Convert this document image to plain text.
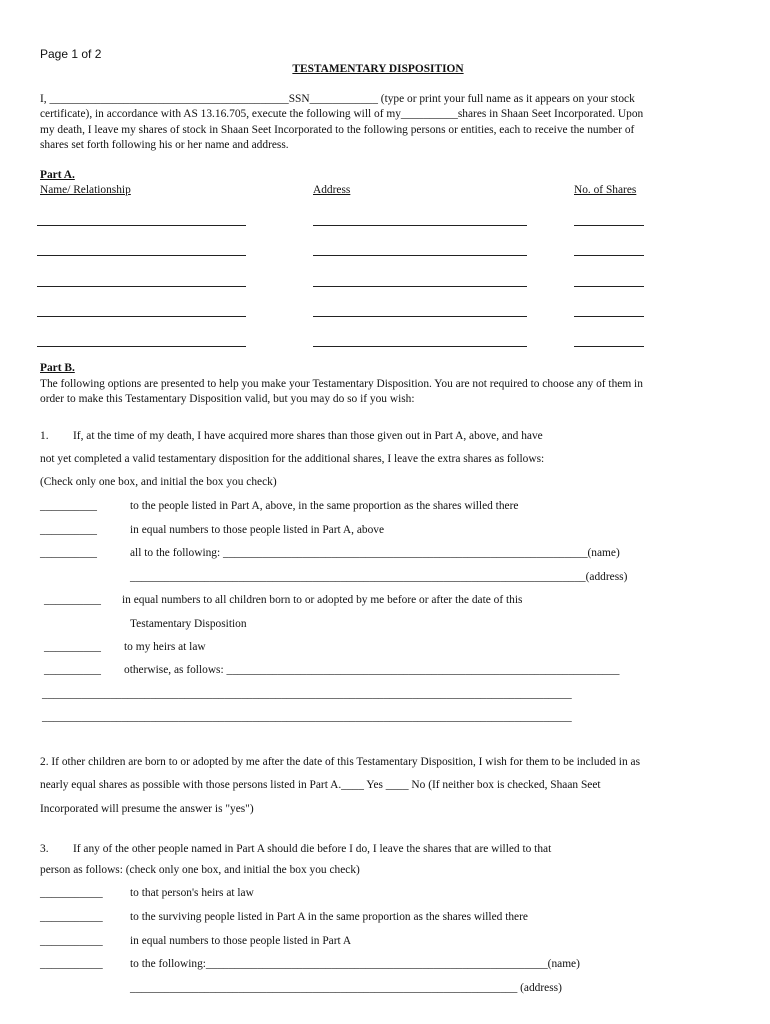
Page 1 of 2
TESTAMENTARY DISPOSITION
I, __________________________________________SSN____________ (type or print your full name as it appears on your stock
certificate), in accordance with AS 13.16.705, execute the following will of my__________shares in Shaan Seet Incorporated. Upon
my death, I leave my shares of stock in Shaan Seet Incorporated to the following persons or entities, each to receive the number of
shares set forth following his or her name and address.
Part A.
Name/ Relationship	Address	No. of Shares
Part B.
The following options are presented to help you make your Testamentary Disposition. You are not required to choose any of them in
order to make this Testamentary Disposition valid, but you may do so if you wish:
1. If, at the time of my death, I have acquired more shares than those given out in Part A, above, and have
not yet completed a valid testamentary disposition for the additional shares, I leave the extra shares as follows:
(Check only one box, and initial the box you check)
__________	to the people listed in Part A, above, in the same proportion as the shares willed there
__________	in equal numbers to those people listed in Part A, above
__________	all to the following: ________________________________________________________________(name)
________________________________________________________________________________(address)
__________ in equal numbers to all children born to or adopted by me before or after the date of this
Testamentary Disposition
__________ to my heirs at law
__________ otherwise, as follows: _____________________________________________________________________
_____________________________________________________________________________________________
_____________________________________________________________________________________________
2. If other children are born to or adopted by me after the date of this Testamentary Disposition, I wish for them to be included in as
nearly equal shares as possible with those persons listed in Part A.____ Yes ____ No (If neither box is checked, Shaan Seet
Incorporated will presume the answer is "yes")
3. If any of the other people named in Part A should die before I do, I leave the shares that are willed to that
person as follows: (check only one box, and initial the box you check)
___________ to that person's heirs at law
___________ to the surviving people listed in Part A in the same proportion as the shares willed there
___________ in equal numbers to those people listed in Part A
___________ to the following:____________________________________________________________(name)
____________________________________________________________________ (address)
